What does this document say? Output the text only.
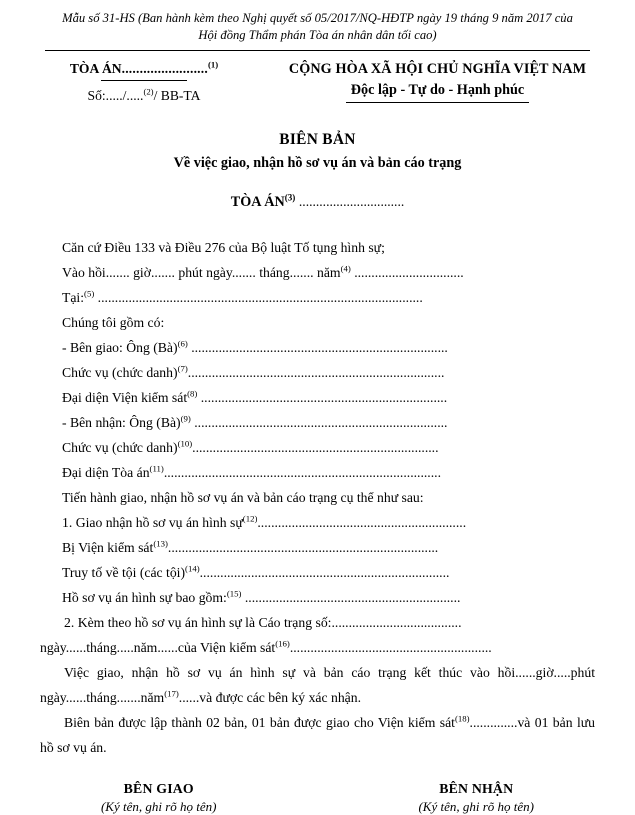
Mẫu số 31-HS (Ban hành kèm theo Nghị quyết số 05/2017/NQ-HĐTP ngày 19 tháng 9 năm 2017 của
Hội đồng Thẩm phán Tòa án nhân dân tối cao)
TÒA ÁN........................$^{(1)}$
Số:...../.....$^{(2)}$/ BB-TA
CỘNG HÒA XÃ HỘI CHỦ NGHĨA VIỆT NAM
Độc lập - Tự do - Hạnh phúc
BIÊN BẢN
Về việc giao, nhận hồ sơ vụ án và bản cáo trạng
TÒA ÁN$^{(3)}$ ...............................

Căn cứ Điều 133 và Điều 276 của Bộ luật Tố tụng hình sự;

Vào hồi....... giờ....... phút ngày....... tháng....... năm$^{(4)}$ ................................

Tại:$^{(5)}$ ...............................................................................................

Chúng tôi gồm có:

- Bên giao: Ông (Bà)$^{(6)}$ ...........................................................................

Chức vụ (chức danh)$^{(7)}$...........................................................................

Đại diện Viện kiểm sát$^{(8)}$ ........................................................................

- Bên nhận: Ông (Bà)$^{(9)}$ ..........................................................................

Chức vụ (chức danh)$^{(10)}$........................................................................

Đại diện Tòa $án^{(11)}$.................................................................................

Tiến hành giao, nhận hồ sơ vụ án và bản cáo trạng cụ thể như sau:

1. Giao nhận hồ sơ vụ án hình sự$^{(12)}$.............................................................

Bị Viện kiểm sát$^{(13)}$...............................................................................

Truy tố về tội (các tội)$^{(14)}$.........................................................................

Hồ sơ vụ án hình sự bao gồm:$^{(15)}$ ...............................................................

2. Kèm theo hồ sơ vụ án hình sự là Cáo trạng số:......................................

ngày......tháng.....năm......của Viện kiểm sát$^{(16)}$...........................................................

Việc giao, nhận hồ sơ vụ án hình sự và bản cáo trạng kết thúc vào hồi......giờ.....phút ngày......tháng.......năm$^{(17)}$......và được các bên ký xác nhận.

Biên bản được lập thành 02 bản, 01 bản được giao cho Viện kiểm sát$^{(18)}$..............và 01 bản lưu hồ sơ vụ án.

BÊN GIAO
(Ký tên, ghi rõ họ tên)
BÊN NHẬN
(Ký tên, ghi rõ họ tên)
